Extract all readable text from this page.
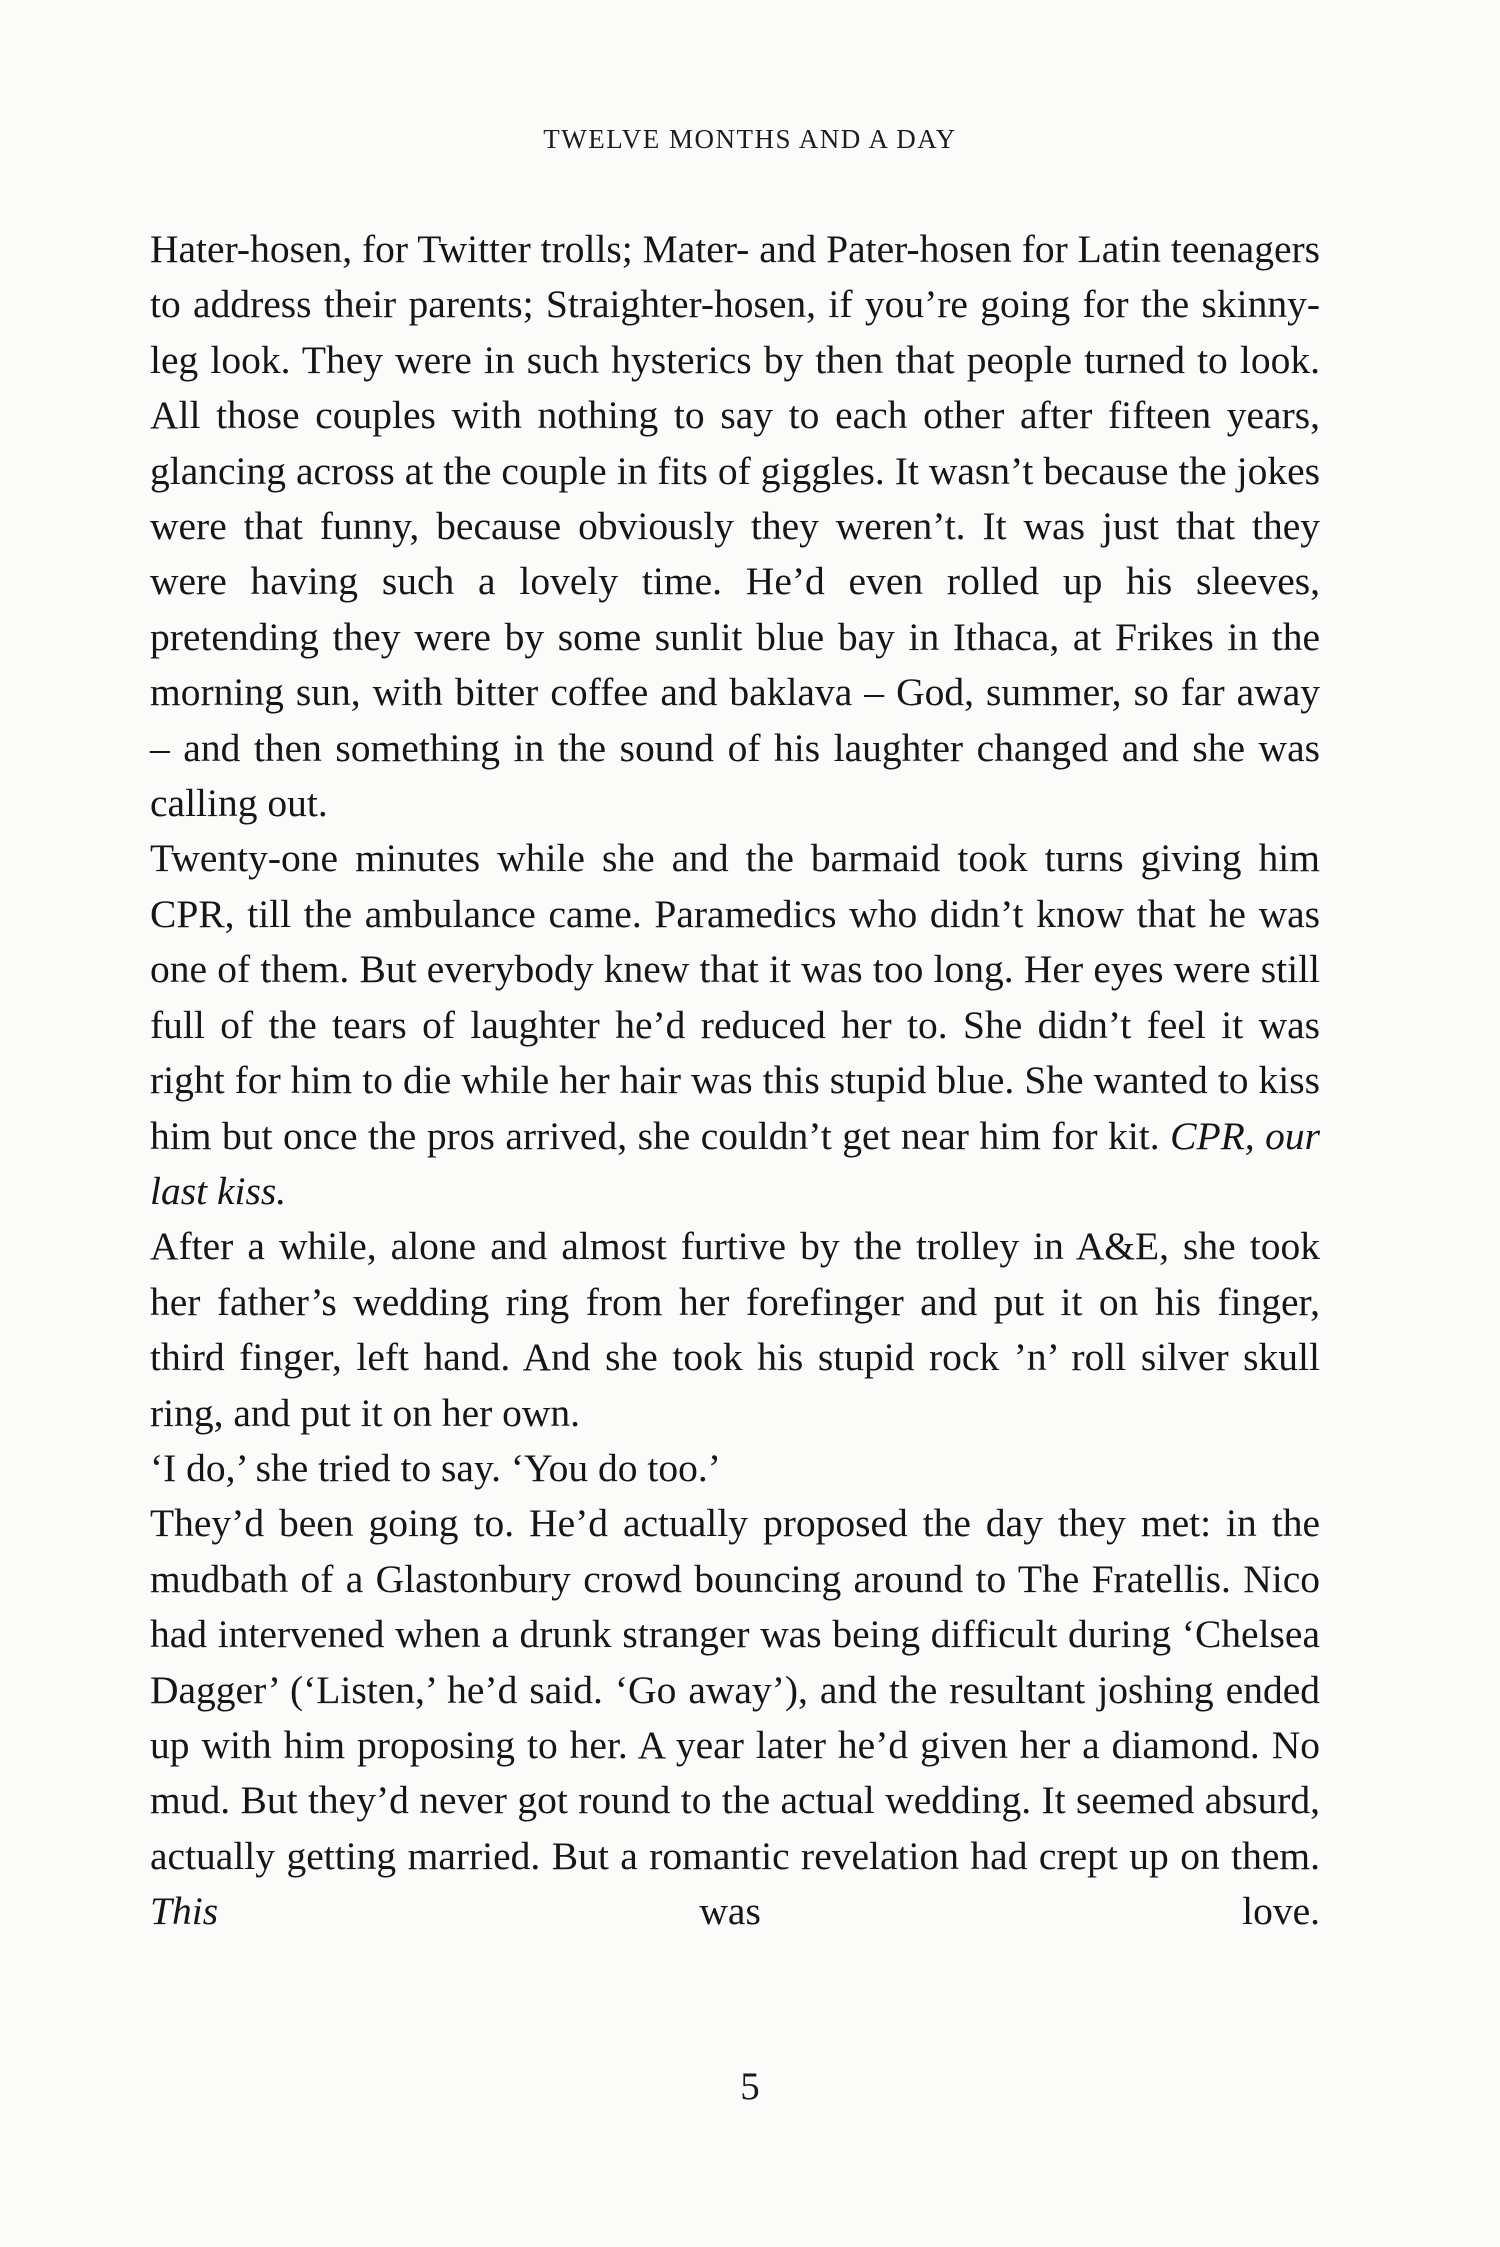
TWELVE MONTHS AND A DAY

Hater-hosen, for Twitter trolls; Mater- and Pater-hosen for Latin teenagers to address their parents; Straighter-hosen, if you’re going for the skinny-leg look. They were in such hysterics by then that people turned to look. All those couples with nothing to say to each other after fifteen years, glancing across at the couple in fits of giggles. It wasn’t because the jokes were that funny, because obviously they weren’t. It was just that they were having such a lovely time. He’d even rolled up his sleeves, pretending they were by some sunlit blue bay in Ithaca, at Frikes in the morning sun, with bitter coffee and baklava – God, summer, so far away – and then something in the sound of his laughter changed and she was calling out.

Twenty-one minutes while she and the barmaid took turns giving him CPR, till the ambulance came. Paramedics who didn’t know that he was one of them. But everybody knew that it was too long. Her eyes were still full of the tears of laughter he’d reduced her to. She didn’t feel it was right for him to die while her hair was this stupid blue. She wanted to kiss him but once the pros arrived, she couldn’t get near him for kit. CPR, our last kiss.

After a while, alone and almost furtive by the trolley in A&E, she took her father’s wedding ring from her forefinger and put it on his finger, third finger, left hand. And she took his stupid rock ’n’ roll silver skull ring, and put it on her own.

‘I do,’ she tried to say. ‘You do too.’

They’d been going to. He’d actually proposed the day they met: in the mudbath of a Glastonbury crowd bouncing around to The Fratellis. Nico had intervened when a drunk stranger was being difficult during ‘Chelsea Dagger’ (‘Listen,’ he’d said. ‘Go away’), and the resultant joshing ended up with him proposing to her. A year later he’d given her a diamond. No mud. But they’d never got round to the actual wedding. It seemed absurd, actually getting married. But a romantic revelation had crept up on them. This	was love.

5
